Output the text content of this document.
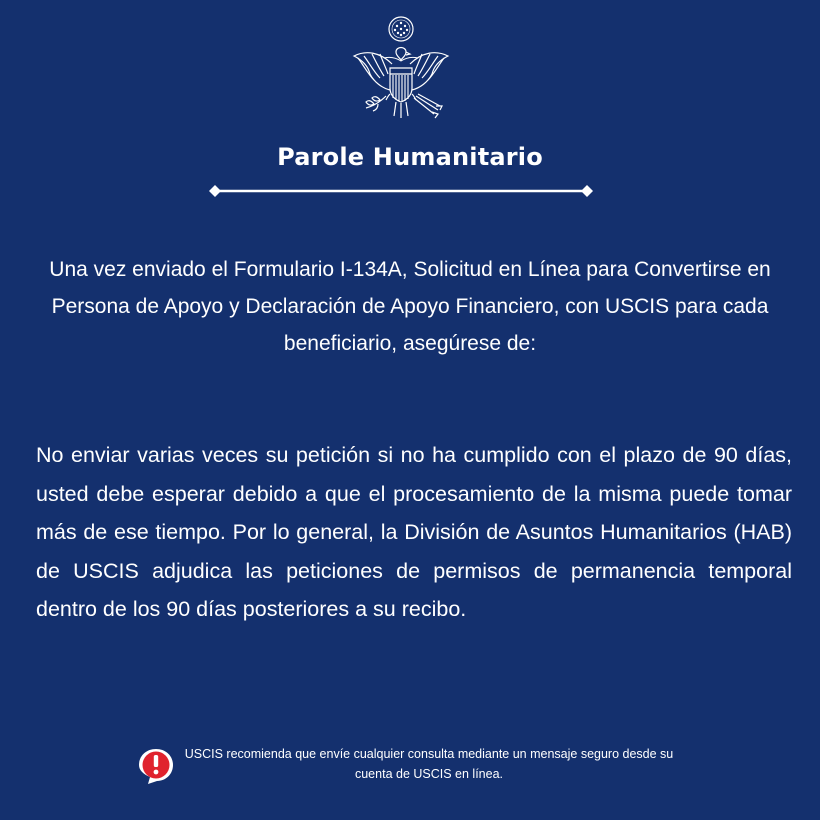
Parole Humanitario
Una vez enviado el Formulario I-134A, Solicitud en Línea para Convertirse en Persona de Apoyo y Declaración de Apoyo Financiero, con USCIS para cada beneficiario, asegúrese de:
No enviar varias veces su petición si no ha cumplido con el plazo de 90 días, usted debe esperar debido a que el procesamiento de la misma puede tomar más de ese tiempo. Por lo general, la División de Asuntos Humanitarios (HAB) de USCIS adjudica las peticiones de permisos de permanencia temporal dentro de los 90 días posteriores a su recibo.
USCIS recomienda que envíe cualquier consulta mediante un mensaje seguro desde su cuenta de USCIS en línea.
